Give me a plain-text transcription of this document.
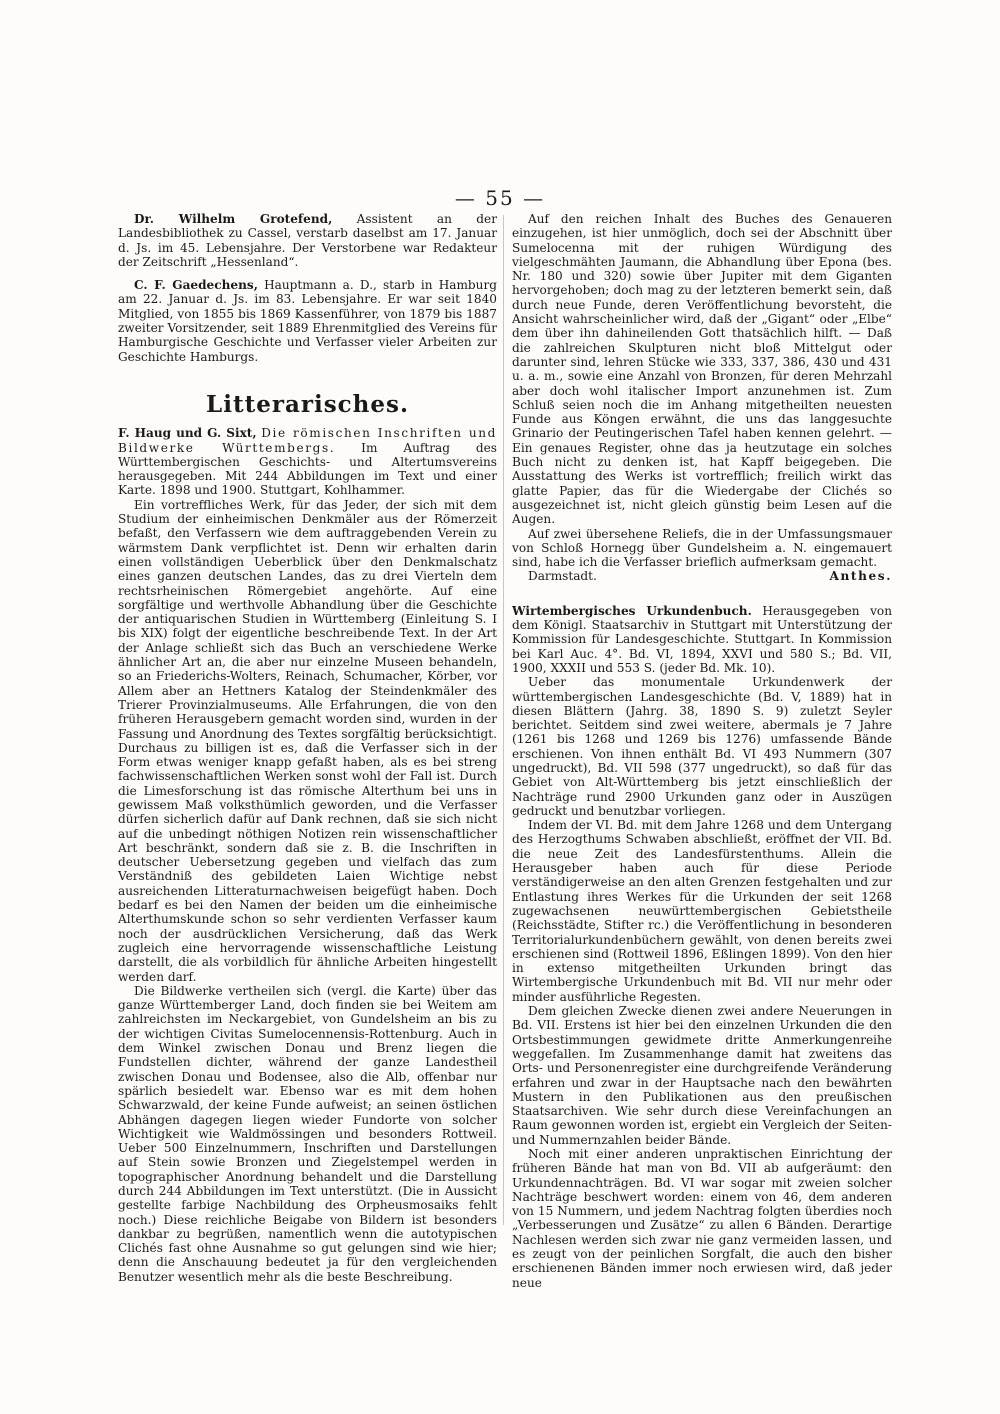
— 55 —

Dr. Wilhelm Grotefend, Assistent an der Landesbibliothek zu Cassel, verstarb daselbst am 17. Januar d. Js. im 45. Lebensjahre. Der Verstorbene war Redakteur der Zeitschrift „Hessenland“.

C. F. Gaedechens, Hauptmann a. D., starb in Hamburg am 22. Januar d. Js. im 83. Lebensjahre. Er war seit 1840 Mitglied, von 1855 bis 1869 Kassenführer, von 1879 bis 1887 zweiter Vorsitzender, seit 1889 Ehrenmitglied des Vereins für Hamburgische Geschichte und Verfasser vieler Arbeiten zur Geschichte Hamburgs.

Litterarisches.

F. Haug und G. Sixt, Die römischen Inschriften und Bildwerke Württembergs. Im Auftrag des Württembergischen Geschichts- und Altertumsvereins herausgegeben. Mit 244 Abbildungen im Text und einer Karte. 1898 und 1900. Stuttgart, Kohlhammer.

Ein vortreffliches Werk, für das Jeder, der sich mit dem Studium der einheimischen Denkmäler aus der Römerzeit befaßt, den Verfassern wie dem auftraggebenden Verein zu wärmstem Dank verpflichtet ist. Denn wir erhalten darin einen vollständigen Ueberblick über den Denkmalschatz eines ganzen deutschen Landes, das zu drei Vierteln dem rechtsrheinischen Römergebiet angehörte. Auf eine sorgfältige und werthvolle Abhandlung über die Geschichte der antiquarischen Studien in Württemberg (Einleitung S. I bis XIX) folgt der eigentliche beschreibende Text. In der Art der Anlage schließt sich das Buch an verschiedene Werke ähnlicher Art an, die aber nur einzelne Museen behandeln, so an Friederichs-Wolters, Reinach, Schumacher, Körber, vor Allem aber an Hettners Katalog der Steindenkmäler des Trierer Provinzialmuseums. Alle Erfahrungen, die von den früheren Herausgebern gemacht worden sind, wurden in der Fassung und Anordnung des Textes sorgfältig berücksichtigt. Durchaus zu billigen ist es, daß die Verfasser sich in der Form etwas weniger knapp gefaßt haben, als es bei streng fachwissenschaftlichen Werken sonst wohl der Fall ist. Durch die Limesforschung ist das römische Alterthum bei uns in gewissem Maß volksthümlich geworden, und die Verfasser dürfen sicherlich dafür auf Dank rechnen, daß sie sich nicht auf die unbedingt nöthigen Notizen rein wissenschaftlicher Art beschränkt, sondern daß sie z. B. die Inschriften in deutscher Uebersetzung gegeben und vielfach das zum Verständniß des gebildeten Laien Wichtige nebst ausreichenden Litteraturnachweisen beigefügt haben. Doch bedarf es bei den Namen der beiden um die einheimische Alterthumskunde schon so sehr verdienten Verfasser kaum noch der ausdrücklichen Versicherung, daß das Werk zugleich eine hervorragende wissenschaftliche Leistung darstellt, die als vorbildlich für ähnliche Arbeiten hingestellt werden darf.

Die Bildwerke vertheilen sich (vergl. die Karte) über das ganze Württemberger Land, doch finden sie bei Weitem am zahlreichsten im Neckargebiet, von Gundelsheim an bis zu der wichtigen Civitas Sumelocennensis-Rottenburg. Auch in dem Winkel zwischen Donau und Brenz liegen die Fundstellen dichter, während der ganze Landestheil zwischen Donau und Bodensee, also die Alb, offenbar nur spärlich besiedelt war. Ebenso war es mit dem hohen Schwarzwald, der keine Funde aufweist; an seinen östlichen Abhängen dagegen liegen wieder Fundorte von solcher Wichtigkeit wie Waldmössingen und besonders Rottweil. Ueber 500 Einzelnummern, Inschriften und Darstellungen auf Stein sowie Bronzen und Ziegelstempel werden in topographischer Anordnung behandelt und die Darstellung durch 244 Abbildungen im Text unterstützt. (Die in Aussicht gestellte farbige Nachbildung des Orpheusmosaiks fehlt noch.) Diese reichliche Beigabe von Bildern ist besonders dankbar zu begrüßen, namentlich wenn die autotypischen Clichés fast ohne Ausnahme so gut gelungen sind wie hier; denn die Anschauung bedeutet ja für den vergleichenden Benutzer wesentlich mehr als die beste Beschreibung.

Auf den reichen Inhalt des Buches des Genaueren einzugehen, ist hier unmöglich, doch sei der Abschnitt über Sumelocenna mit der ruhigen Würdigung des vielgeschmähten Jaumann, die Abhandlung über Epona (bes. Nr. 180 und 320) sowie über Jupiter mit dem Giganten hervorgehoben; doch mag zu der letzteren bemerkt sein, daß durch neue Funde, deren Veröffentlichung bevorsteht, die Ansicht wahrscheinlicher wird, daß der „Gigant“ oder „Elbe“ dem über ihn dahineilenden Gott thatsächlich hilft. — Daß die zahlreichen Skulpturen nicht bloß Mittelgut oder darunter sind, lehren Stücke wie 333, 337, 386, 430 und 431 u. a. m., sowie eine Anzahl von Bronzen, für deren Mehrzahl aber doch wohl italischer Import anzunehmen ist. Zum Schluß seien noch die im Anhang mitgetheilten neuesten Funde aus Köngen erwähnt, die uns das langgesuchte Grinario der Peutingerischen Tafel haben kennen gelehrt. — Ein genaues Register, ohne das ja heutzutage ein solches Buch nicht zu denken ist, hat Kapff beigegeben. Die Ausstattung des Werks ist vortrefflich; freilich wirkt das glatte Papier, das für die Wiedergabe der Clichés so ausgezeichnet ist, nicht gleich günstig beim Lesen auf die Augen.

Auf zwei übersehene Reliefs, die in der Umfassungsmauer von Schloß Hornegg über Gundelsheim a. N. eingemauert sind, habe ich die Verfasser brieflich aufmerksam gemacht.

Darmstadt.	Anthes.

Wirtembergisches Urkundenbuch. Herausgegeben von dem Königl. Staatsarchiv in Stuttgart mit Unterstützung der Kommission für Landesgeschichte. Stuttgart. In Kommission bei Karl Auc. 4°. Bd. VI, 1894, XXVI und 580 S.; Bd. VII, 1900, XXXII und 553 S. (jeder Bd. Mk. 10).

Ueber das monumentale Urkundenwerk der württembergischen Landesgeschichte (Bd. V, 1889) hat in diesen Blättern (Jahrg. 38, 1890 S. 9) zuletzt Seyler berichtet. Seitdem sind zwei weitere, abermals je 7 Jahre (1261 bis 1268 und 1269 bis 1276) umfassende Bände erschienen. Von ihnen enthält Bd. VI 493 Nummern (307 ungedruckt), Bd. VII 598 (377 ungedruckt), so daß für das Gebiet von Alt-Württemberg bis jetzt einschließlich der Nachträge rund 2900 Urkunden ganz oder in Auszügen gedruckt und benutzbar vorliegen.

Indem der VI. Bd. mit dem Jahre 1268 und dem Untergang des Herzogthums Schwaben abschließt, eröffnet der VII. Bd. die neue Zeit des Landesfürstenthums. Allein die Herausgeber haben auch für diese Periode verständigerweise an den alten Grenzen festgehalten und zur Entlastung ihres Werkes für die Urkunden der seit 1268 zugewachsenen neuwürttembergischen Gebietstheile (Reichsstädte, Stifter rc.) die Veröffentlichung in besonderen Territorialurkundenbüchern gewählt, von denen bereits zwei erschienen sind (Rottweil 1896, Eßlingen 1899). Von den hier in extenso mitgetheilten Urkunden bringt das Wirtembergische Urkundenbuch mit Bd. VII nur mehr oder minder ausführliche Regesten.

Dem gleichen Zwecke dienen zwei andere Neuerungen in Bd. VII. Erstens ist hier bei den einzelnen Urkunden die den Ortsbestimmungen gewidmete dritte Anmerkungenreihe weggefallen. Im Zusammenhange damit hat zweitens das Orts- und Personenregister eine durchgreifende Veränderung erfahren und zwar in der Hauptsache nach den bewährten Mustern in den Publikationen aus den preußischen Staatsarchiven. Wie sehr durch diese Vereinfachungen an Raum gewonnen worden ist, ergiebt ein Vergleich der Seiten- und Nummernzahlen beider Bände.

Noch mit einer anderen unpraktischen Einrichtung der früheren Bände hat man von Bd. VII ab aufgeräumt: den Urkundennachträgen. Bd. VI war sogar mit zweien solcher Nachträge beschwert worden: einem von 46, dem anderen von 15 Nummern, und jedem Nachtrag folgten überdies noch „Verbesserungen und Zusätze“ zu allen 6 Bänden. Derartige Nachlesen werden sich zwar nie ganz vermeiden lassen, und es zeugt von der peinlichen Sorgfalt, die auch den bisher erschienenen Bänden immer noch erwiesen wird, daß jeder neue
